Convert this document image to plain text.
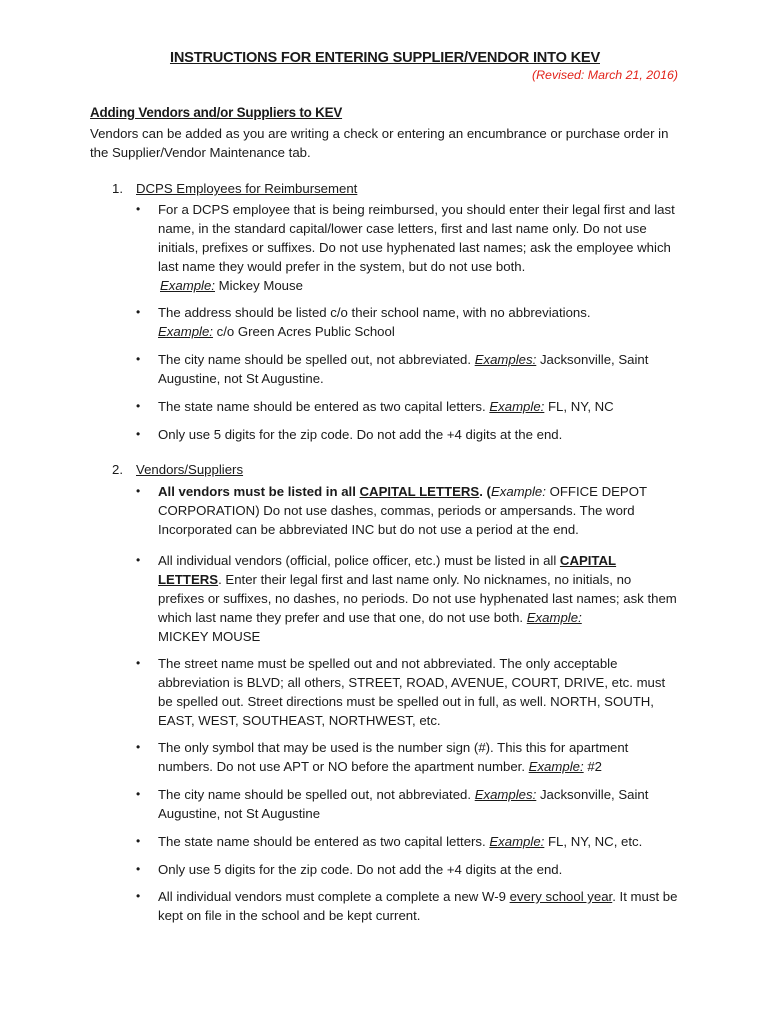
INSTRUCTIONS FOR ENTERING SUPPLIER/VENDOR INTO KEV
(Revised: March 21, 2016)
Adding Vendors and/or Suppliers to KEV
Vendors can be added as you are writing a check or entering an encumbrance or purchase order in the Supplier/Vendor Maintenance tab.
1. DCPS Employees for Reimbursement
• For a DCPS employee that is being reimbursed, you should enter their legal first and last name, in the standard capital/lower case letters, first and last name only. Do not use initials, prefixes or suffixes. Do not use hyphenated last names; ask the employee which last name they would prefer in the system, but do not use both.
Example: Mickey Mouse
• The address should be listed c/o their school name, with no abbreviations.
Example: c/o Green Acres Public School
• The city name should be spelled out, not abbreviated. Examples: Jacksonville, Saint Augustine, not St Augustine.
• The state name should be entered as two capital letters. Example: FL, NY, NC
• Only use 5 digits for the zip code. Do not add the +4 digits at the end.
2. Vendors/Suppliers
• All vendors must be listed in all CAPITAL LETTERS. (Example: OFFICE DEPOT CORPORATION) Do not use dashes, commas, periods or ampersands. The word Incorporated can be abbreviated INC but do not use a period at the end.
• All individual vendors (official, police officer, etc.) must be listed in all CAPITAL LETTERS. Enter their legal first and last name only. No nicknames, no initials, no prefixes or suffixes, no dashes, no periods. Do not use hyphenated last names; ask them which last name they prefer and use that one, do not use both. Example:
MICKEY MOUSE
• The street name must be spelled out and not abbreviated. The only acceptable abbreviation is BLVD; all others, STREET, ROAD, AVENUE, COURT, DRIVE, etc. must be spelled out. Street directions must be spelled out in full, as well. NORTH, SOUTH, EAST, WEST, SOUTHEAST, NORTHWEST, etc.
• The only symbol that may be used is the number sign (#). This this for apartment numbers. Do not use APT or NO before the apartment number. Example: #2
• The city name should be spelled out, not abbreviated. Examples: Jacksonville, Saint Augustine, not St Augustine
• The state name should be entered as two capital letters. Example: FL, NY, NC, etc.
• Only use 5 digits for the zip code. Do not add the +4 digits at the end.
• All individual vendors must complete a complete a new W-9 every school year. It must be kept on file in the school and be kept current.
